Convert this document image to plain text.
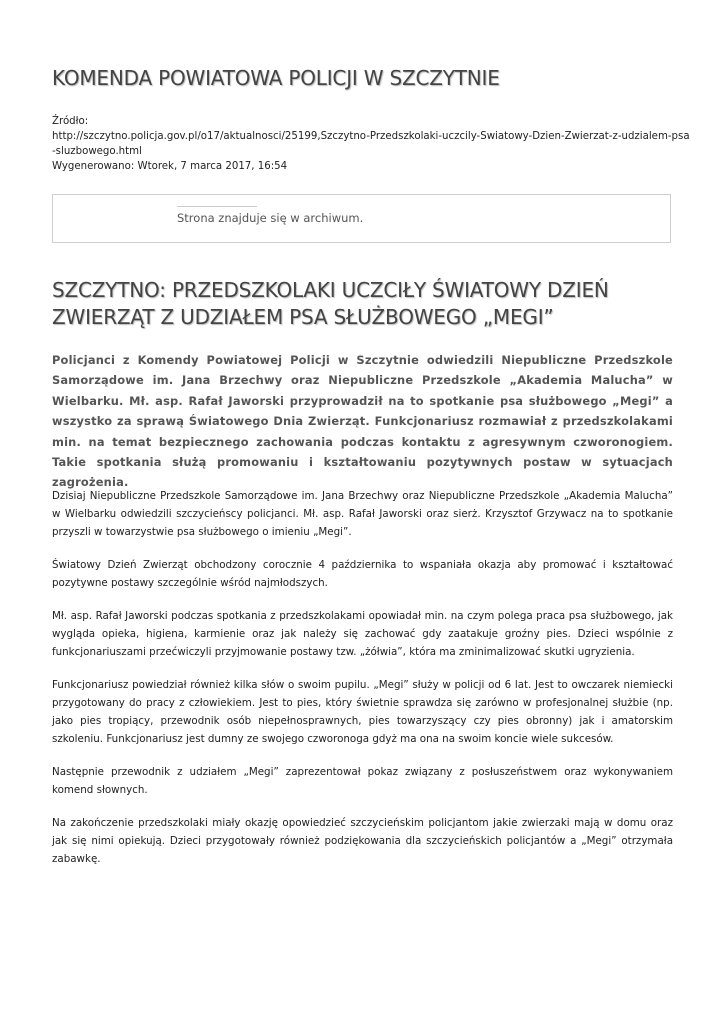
KOMENDA POWIATOWA POLICJI W SZCZYTNIE
Źródło:
http://szczytno.policja.gov.pl/o17/aktualnosci/25199,Szczytno-Przedszkolaki-uczcily-Swiatowy-Dzien-Zwierzat-z-udzialem-psa
-sluzbowego.html
Wygenerowano: Wtorek, 7 marca 2017, 16:54
Strona znajduje się w archiwum.
SZCZYTNO: PRZEDSZKOLAKI UCZCIŁY ŚWIATOWY DZIEŃ ZWIERZĄT Z UDZIAŁEM PSA SŁUŻBOWEGO „MEGI”

Policjanci z Komendy Powiatowej Policji w Szczytnie odwiedzili Niepubliczne Przedszkole Samorządowe im. Jana Brzechwy oraz Niepubliczne Przedszkole „Akademia Malucha” w Wielbarku. Mł. asp. Rafał Jaworski przyprowadził na to spotkanie psa służbowego „Megi” a wszystko za sprawą Światowego Dnia Zwierząt. Funkcjonariusz rozmawiał z przedszkolakami min. na temat bezpiecznego zachowania podczas kontaktu z agresywnym czworonogiem. Takie spotkania służą promowaniu i kształtowaniu pozytywnych postaw w sytuacjach zagrożenia.

Dzisiaj Niepubliczne Przedszkole Samorządowe im. Jana Brzechwy oraz Niepubliczne Przedszkole „Akademia Malucha” w Wielbarku odwiedzili szczycieńscy policjanci. Mł. asp. Rafał Jaworski oraz sierż. Krzysztof Grzywacz na to spotkanie przyszli w towarzystwie psa służbowego o imieniu „Megi”.

Światowy Dzień Zwierząt obchodzony corocznie 4 października to wspaniała okazja aby promować i kształtować pozytywne postawy szczególnie wśród najmłodszych.

Mł. asp. Rafał Jaworski podczas spotkania z przedszkolakami opowiadał min. na czym polega praca psa służbowego, jak wygląda opieka, higiena, karmienie oraz jak należy się zachować gdy zaatakuje groźny pies. Dzieci wspólnie z funkcjonariuszami przećwiczyli przyjmowanie postawy tzw. „żółwia”, która ma zminimalizować skutki ugryzienia.

Funkcjonariusz powiedział również kilka słów o swoim pupilu. „Megi” służy w policji od 6 lat. Jest to owczarek niemiecki przygotowany do pracy z człowiekiem. Jest to pies, który świetnie sprawdza się zarówno w profesjonalnej służbie (np. jako pies tropiący, przewodnik osób niepełnosprawnych, pies towarzyszący czy pies obronny) jak i amatorskim szkoleniu. Funkcjonariusz jest dumny ze swojego czworonoga gdyż ma ona na swoim koncie wiele sukcesów.

Następnie przewodnik z udziałem „Megi” zaprezentował pokaz związany z posłuszeństwem oraz wykonywaniem komend słownych.

Na zakończenie przedszkolaki miały okazję opowiedzieć szczycieńskim policjantom jakie zwierzaki mają w domu oraz jak się nimi opiekują. Dzieci przygotowały również podziękowania dla szczycieńskich policjantów a „Megi” otrzymała zabawkę.
